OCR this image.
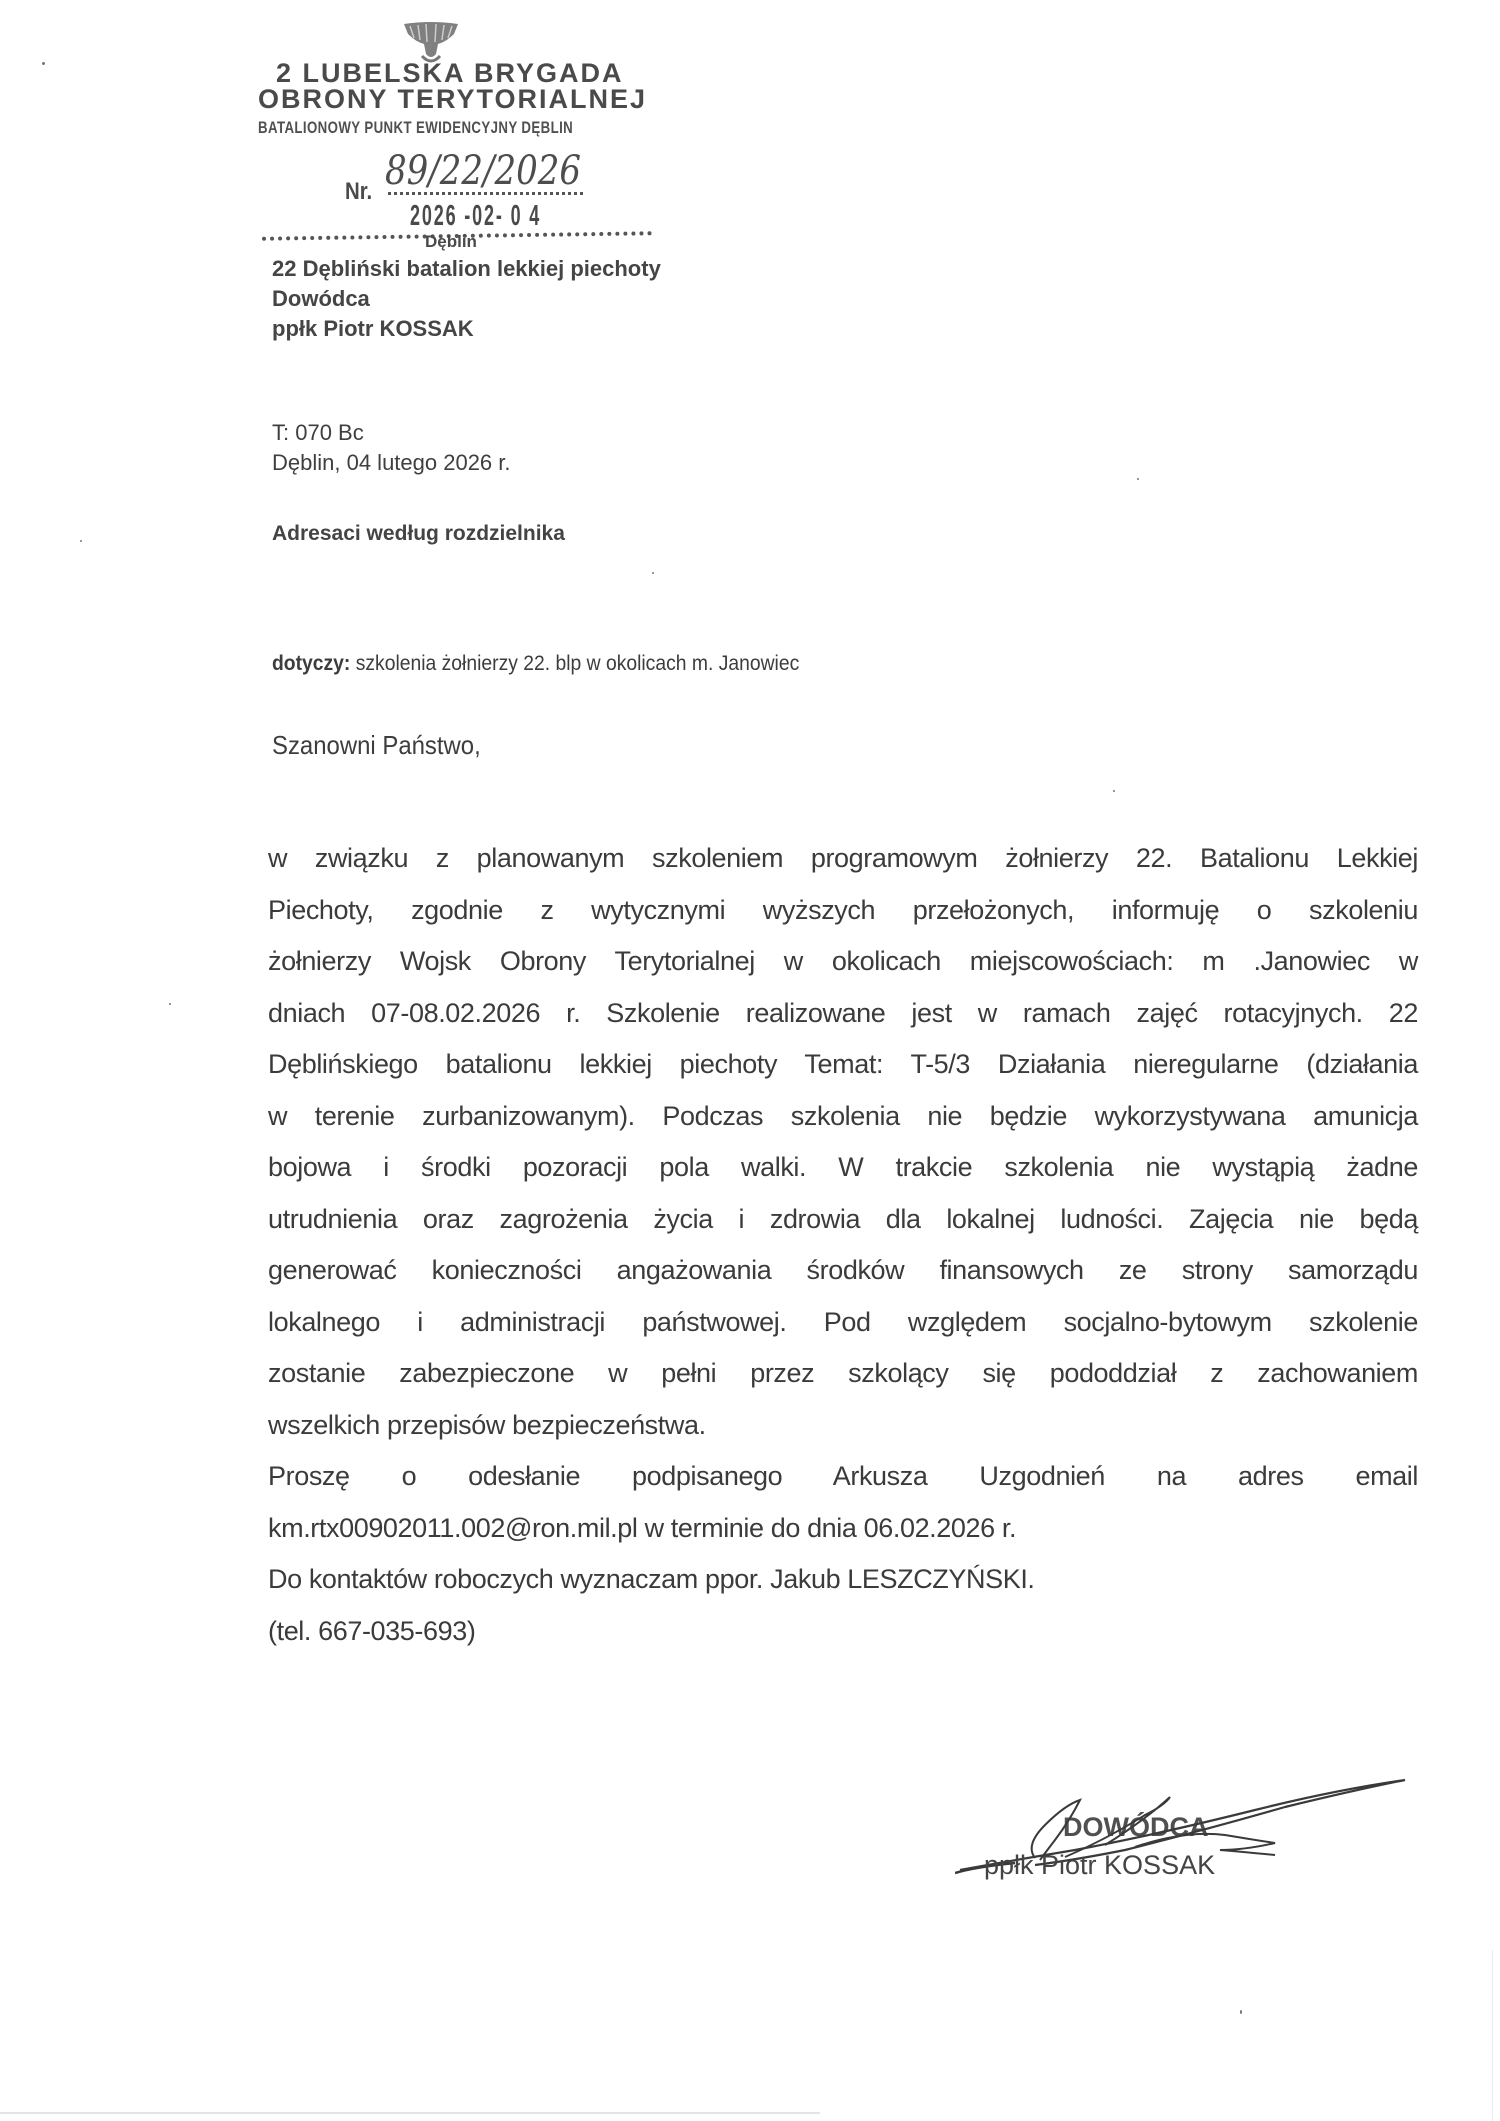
2 LUBELSKA BRYGADA
OBRONY TERYTORIALNEJ
BATALIONOWY PUNKT EWIDENCYJNY DĘBLIN
Nr. 89/22/2026
2026 -02- 0 4
Dęblin
22 Dębliński batalion lekkiej piechoty
Dowódca
ppłk Piotr KOSSAK
T: 070 Bc
Dęblin, 04 lutego 2026 r.
Adresaci według rozdzielnika
dotyczy: szkolenia żołnierzy 22. blp w okolicach m. Janowiec
Szanowni Państwo,
w związku z planowanym szkoleniem programowym żołnierzy 22. Batalionu Lekkiej
Piechoty, zgodnie z wytycznymi wyższych przełożonych, informuję o szkoleniu
żołnierzy Wojsk Obrony Terytorialnej w okolicach miejscowościach: m .Janowiec w
dniach 07-08.02.2026 r. Szkolenie realizowane jest w ramach zajęć rotacyjnych. 22
Dęblińskiego batalionu lekkiej piechoty Temat: T-5/3 Działania nieregularne (działania
w terenie zurbanizowanym). Podczas szkolenia nie będzie wykorzystywana amunicja
bojowa i środki pozoracji pola walki. W trakcie szkolenia nie wystąpią żadne
utrudnienia oraz zagrożenia życia i zdrowia dla lokalnej ludności. Zajęcia nie będą
generować konieczności angażowania środków finansowych ze strony samorządu
lokalnego i administracji państwowej. Pod względem socjalno-bytowym szkolenie
zostanie zabezpieczone w pełni przez szkolący się pododdział z zachowaniem
wszelkich przepisów bezpieczeństwa.
Proszę o odesłanie podpisanego Arkusza Uzgodnień na adres email
km.rtx00902011.002@ron.mil.pl w terminie do dnia 06.02.2026 r.
Do kontaktów roboczych wyznaczam ppor. Jakub LESZCZYŃSKI.
(tel. 667-035-693)
DOWÓDCA
ppłk Piotr KOSSAK
